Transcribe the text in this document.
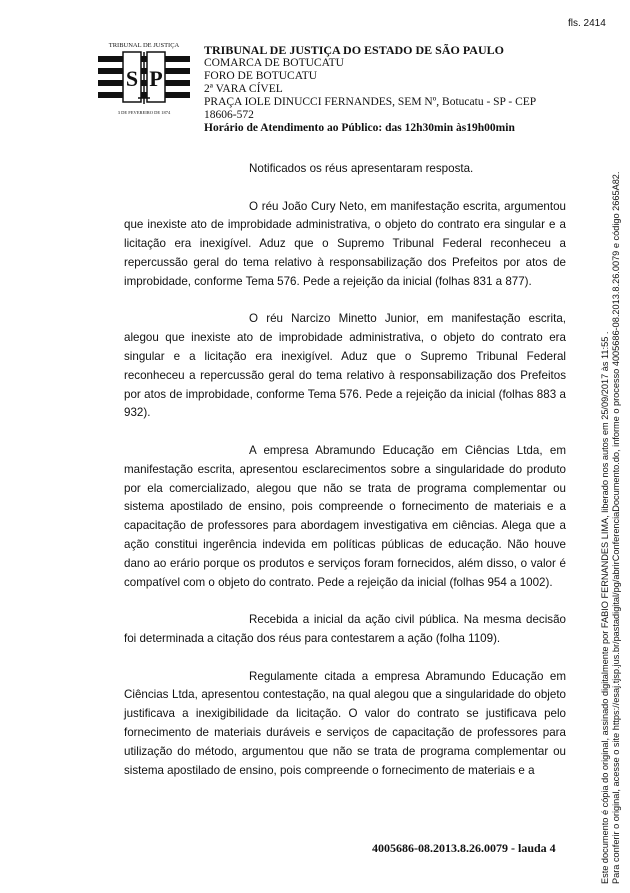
fls. 2414
S P
TRIBUNAL DE JUSTIÇA
3 DE FEVEREIRO DE 1874
TRIBUNAL DE JUSTIÇA DO ESTADO DE SÃO PAULO
COMARCA DE BOTUCATU
FORO DE BOTUCATU
2ª VARA CÍVEL
PRAÇA IOLE DINUCCI FERNANDES, SEM Nº, Botucatu - SP - CEP 18606-572
Horário de Atendimento ao Público: das 12h30min às19h00min

Notificados os réus apresentaram resposta.

O réu João Cury Neto, em manifestação escrita, argumentou que inexiste ato de improbidade administrativa, o objeto do contrato era singular e a licitação era inexigível. Aduz que o Supremo Tribunal Federal reconheceu a repercussão geral do tema relativo à responsabilização dos Prefeitos por atos de improbidade, conforme Tema 576. Pede a rejeição da inicial (folhas 831 a 877).

O réu Narcizo Minetto Junior, em manifestação escrita, alegou que inexiste ato de improbidade administrativa, o objeto do contrato era singular e a licitação era inexigível. Aduz que o Supremo Tribunal Federal reconheceu a repercussão geral do tema relativo à responsabilização dos Prefeitos por atos de improbidade, conforme Tema 576. Pede a rejeição da inicial (folhas 883 a 932).

A empresa Abramundo Educação em Ciências Ltda, em manifestação escrita, apresentou esclarecimentos sobre a singularidade do produto por ela comercializado, alegou que não se trata de programa complementar ou sistema apostilado de ensino, pois compreende o fornecimento de materiais e a capacitação de professores para abordagem investigativa em ciências. Alega que a ação constitui ingerência indevida em políticas públicas de educação. Não houve dano ao erário porque os produtos e serviços foram fornecidos, além disso, o valor é compatível com o objeto do contrato. Pede a rejeição da inicial (folhas 954 a 1002).

Recebida a inicial da ação civil pública. Na mesma decisão foi determinada a citação dos réus para contestarem a ação (folha 1109).

Regulamente citada a empresa Abramundo Educação em Ciências Ltda, apresentou contestação, na qual alegou que a singularidade do objeto justificava a inexigibilidade da licitação. O valor do contrato se justificava pelo fornecimento de materiais duráveis e serviços de capacitação de professores para utilização do método, argumentou que não se trata de programa complementar ou sistema apostilado de ensino, pois compreende o fornecimento de materiais e a

4005686-08.2013.8.26.0079 - lauda 4	Este documento é cópia do original, assinado digitalmente por FABIO FERNANDES LIMA, liberado nos autos em 25/09/2017 às 11:55 . Para conferir o original, acesse o site https://esaj.tjsp.jus.br/pastadigital/pg/abrirConferenciaDocumento.do, informe o processo 4005686-08.2013.8.26.0079 e código 2665A82.
